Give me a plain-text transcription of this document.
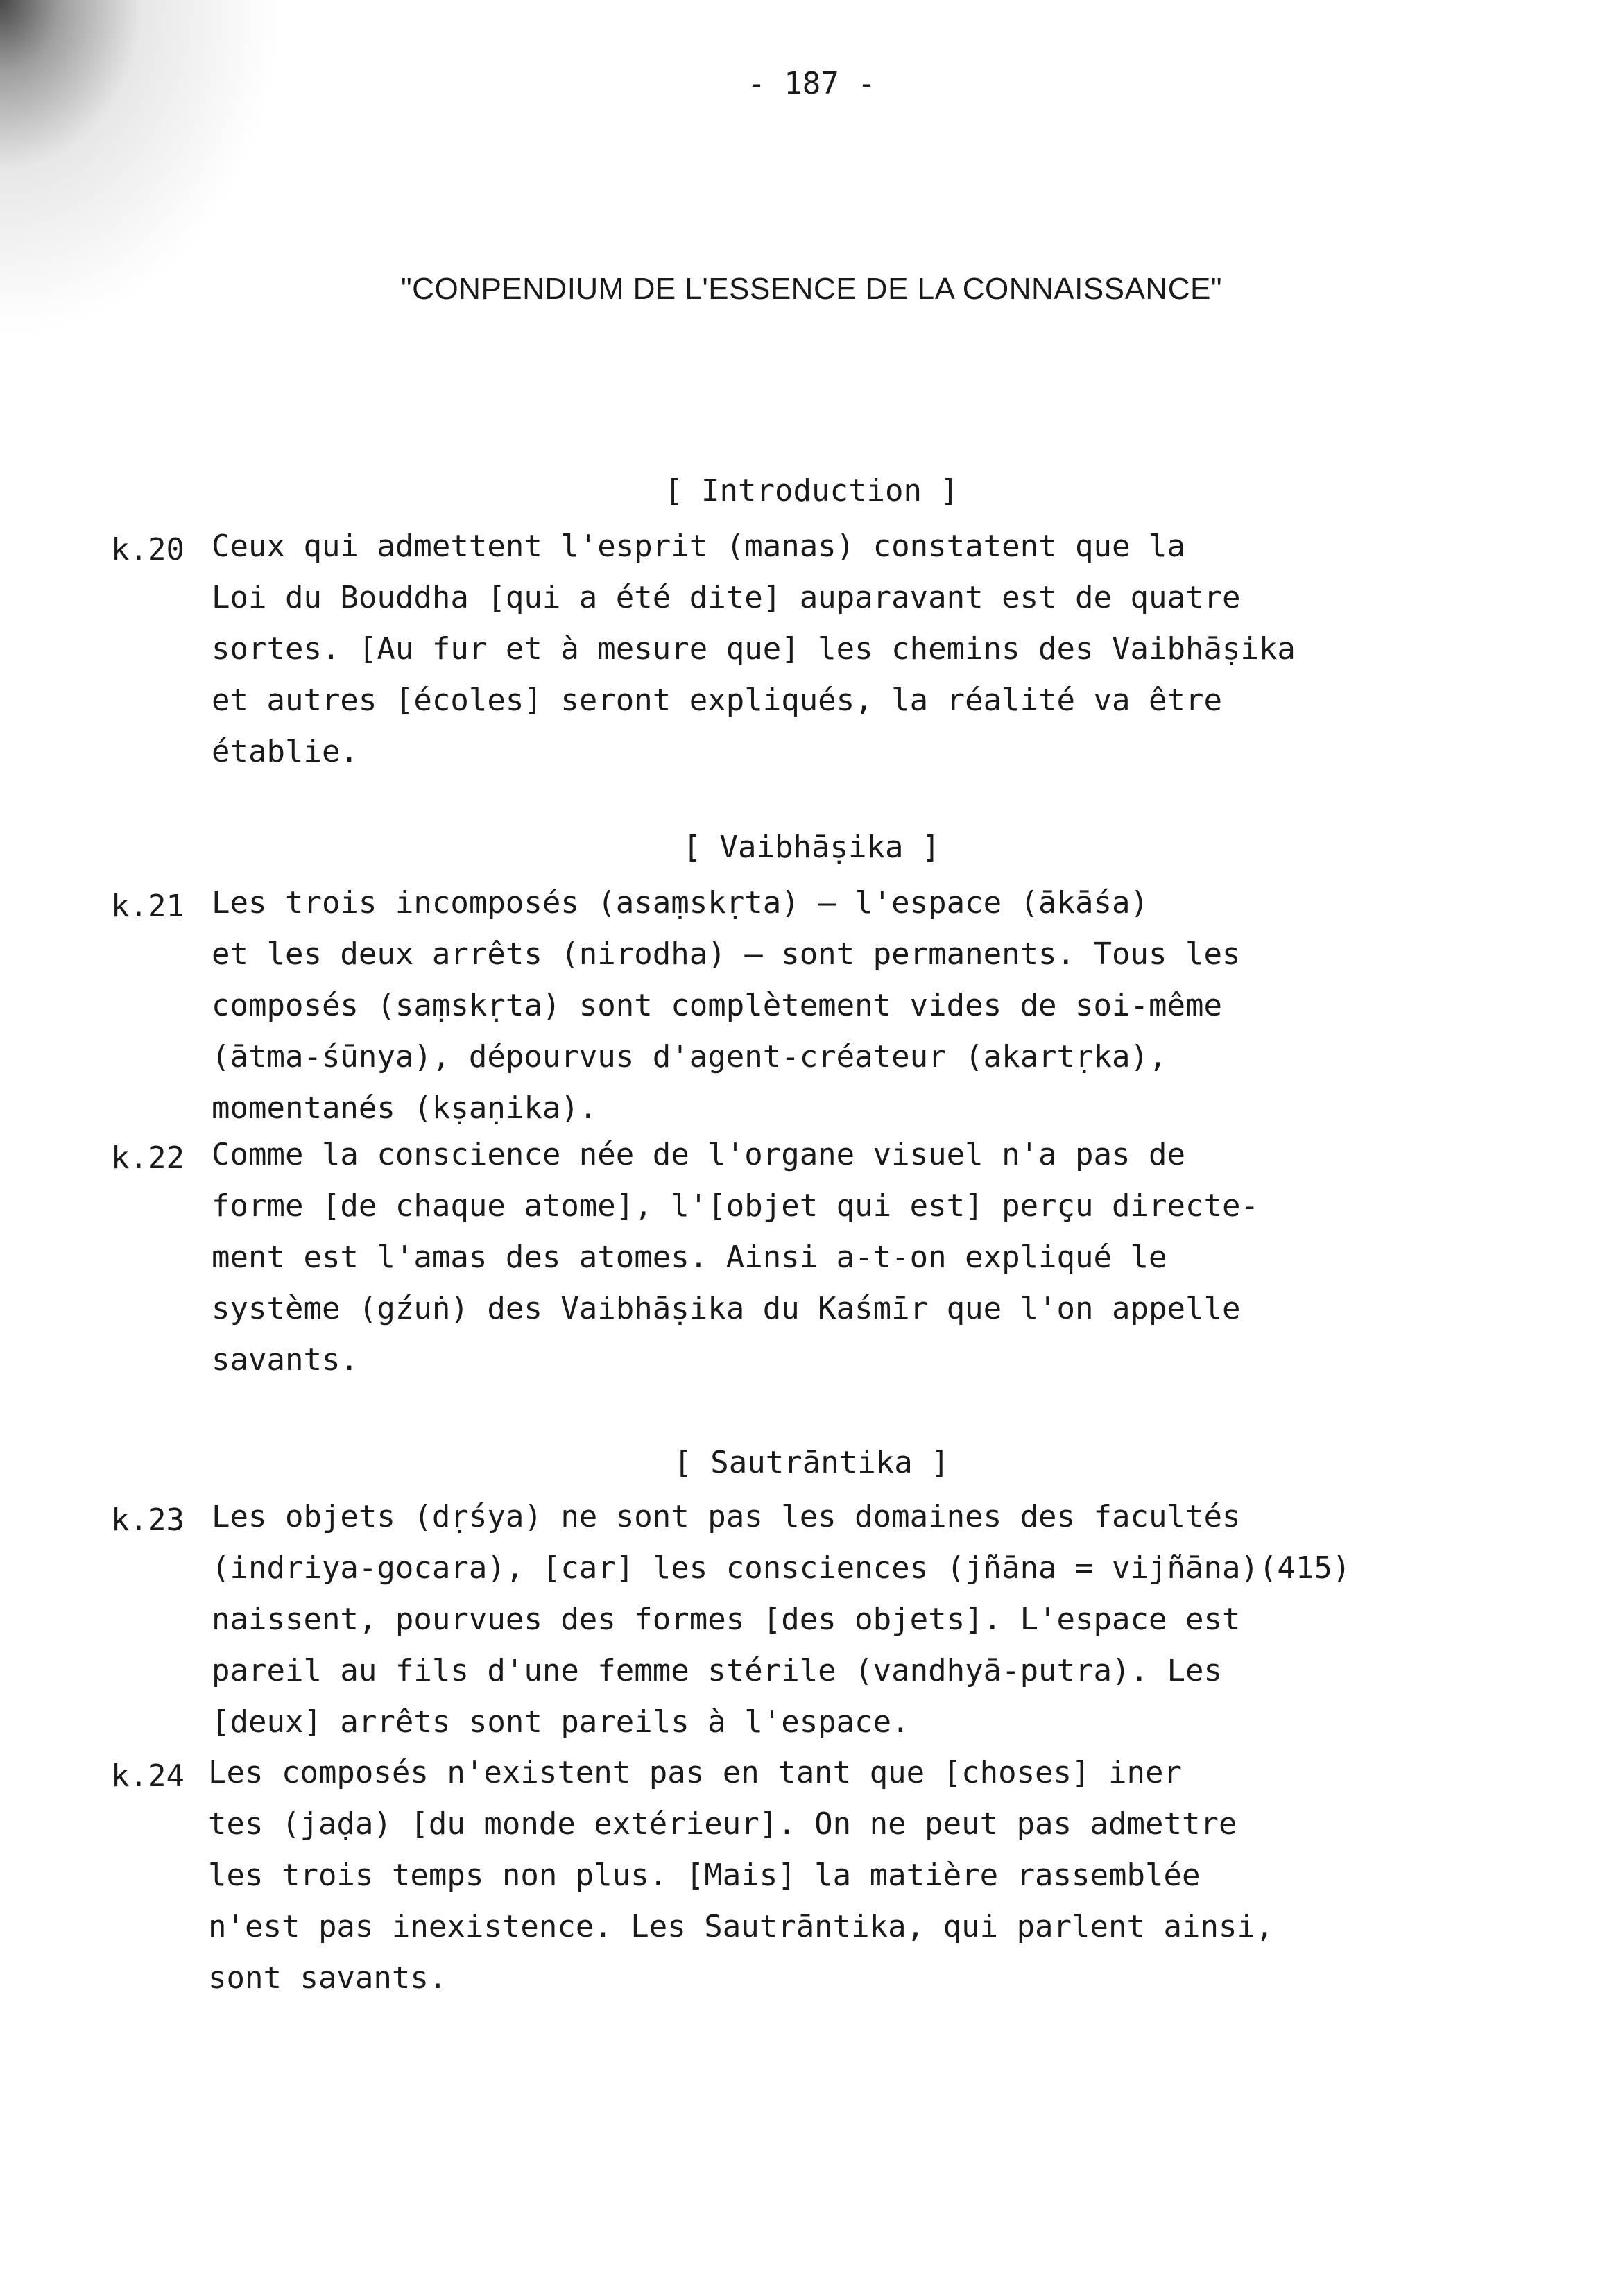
- 187 -
"CONPENDIUM DE L'ESSENCE DE LA CONNAISSANCE"
[ Introduction ]
k.20 Ceux qui admettent l'esprit (manas) constatent que la
Loi du Bouddha [qui a été dite] auparavant est de quatre
sortes. [Au fur et à mesure que] les chemins des Vaibhāṣika
et autres [écoles] seront expliqués, la réalité va être
établie.
[ Vaibhāṣika ]
k.21 Les trois incomposés (asaṃskṛta) — l'espace (ākāśa)
et les deux arrêts (nirodha) — sont permanents. Tous les
composés (saṃskṛta) sont complètement vides de soi-même
(ātma-śūnya), dépourvus d'agent-créateur (akartṛka),
momentanés (kṣaṇika).
k.22 Comme la conscience née de l'organe visuel n'a pas de
forme [de chaque atome], l'[objet qui est] perçu directe-
ment est l'amas des atomes. Ainsi a-t-on expliqué le
système (gźuṅ) des Vaibhāṣika du Kaśmīr que l'on appelle
savants.
[ Sautrāntika ]
k.23 Les objets (dṛśya) ne sont pas les domaines des facultés
(indriya-gocara), [car] les consciences (jñāna = vijñāna)(415)
naissent, pourvues des formes [des objets]. L'espace est
pareil au fils d'une femme stérile (vandhyā-putra). Les
[deux] arrêts sont pareils à l'espace.
k.24 Les composés n'existent pas en tant que [choses] iner
tes (jaḍa) [du monde extérieur]. On ne peut pas admettre
les trois temps non plus. [Mais] la matière rassemblée
n'est pas inexistence. Les Sautrāntika, qui parlent ainsi,
sont savants.
